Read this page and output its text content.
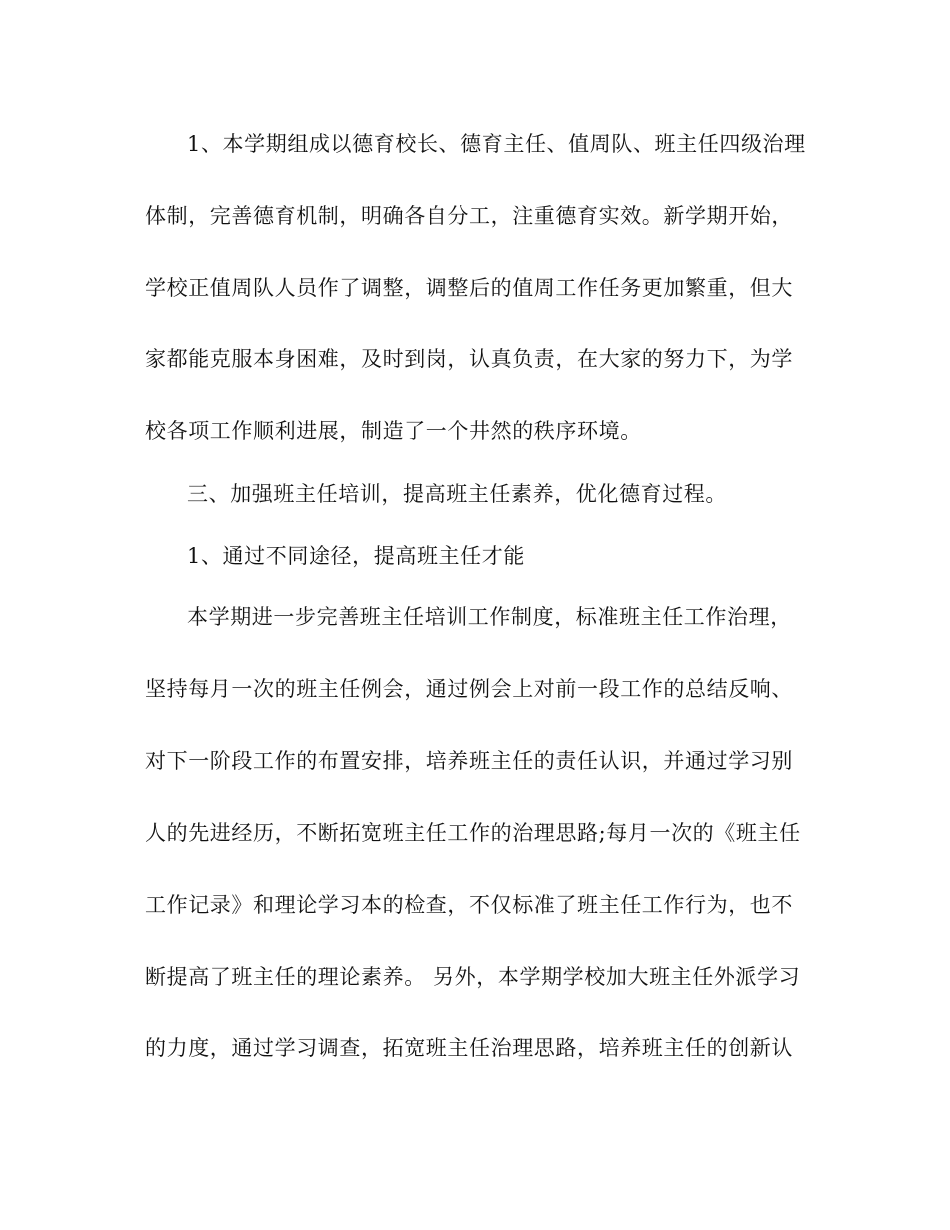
1、本学期组成以德育校长、德育主任、值周队、班主任四级治理
体制，完善德育机制，明确各自分工，注重德育实效。新学期开始，
学校正值周队人员作了调整，调整后的值周工作任务更加繁重，但大
家都能克服本身困难，及时到岗，认真负责，在大家的努力下，为学
校各项工作顺利进展，制造了一个井然的秩序环境。
三、加强班主任培训，提高班主任素养，优化德育过程。
1、通过不同途径，提高班主任才能
本学期进一步完善班主任培训工作制度，标准班主任工作治理，
坚持每月一次的班主任例会，通过例会上对前一段工作的总结反响、
对下一阶段工作的布置安排，培养班主任的责任认识，并通过学习别
人的先进经历，不断拓宽班主任工作的治理思路;每月一次的《班主任
工作记录》和理论学习本的检查，不仅标准了班主任工作行为，也不
断提高了班主任的理论素养。 另外，本学期学校加大班主任外派学习
的力度，通过学习调查，拓宽班主任治理思路，培养班主任的创新认
